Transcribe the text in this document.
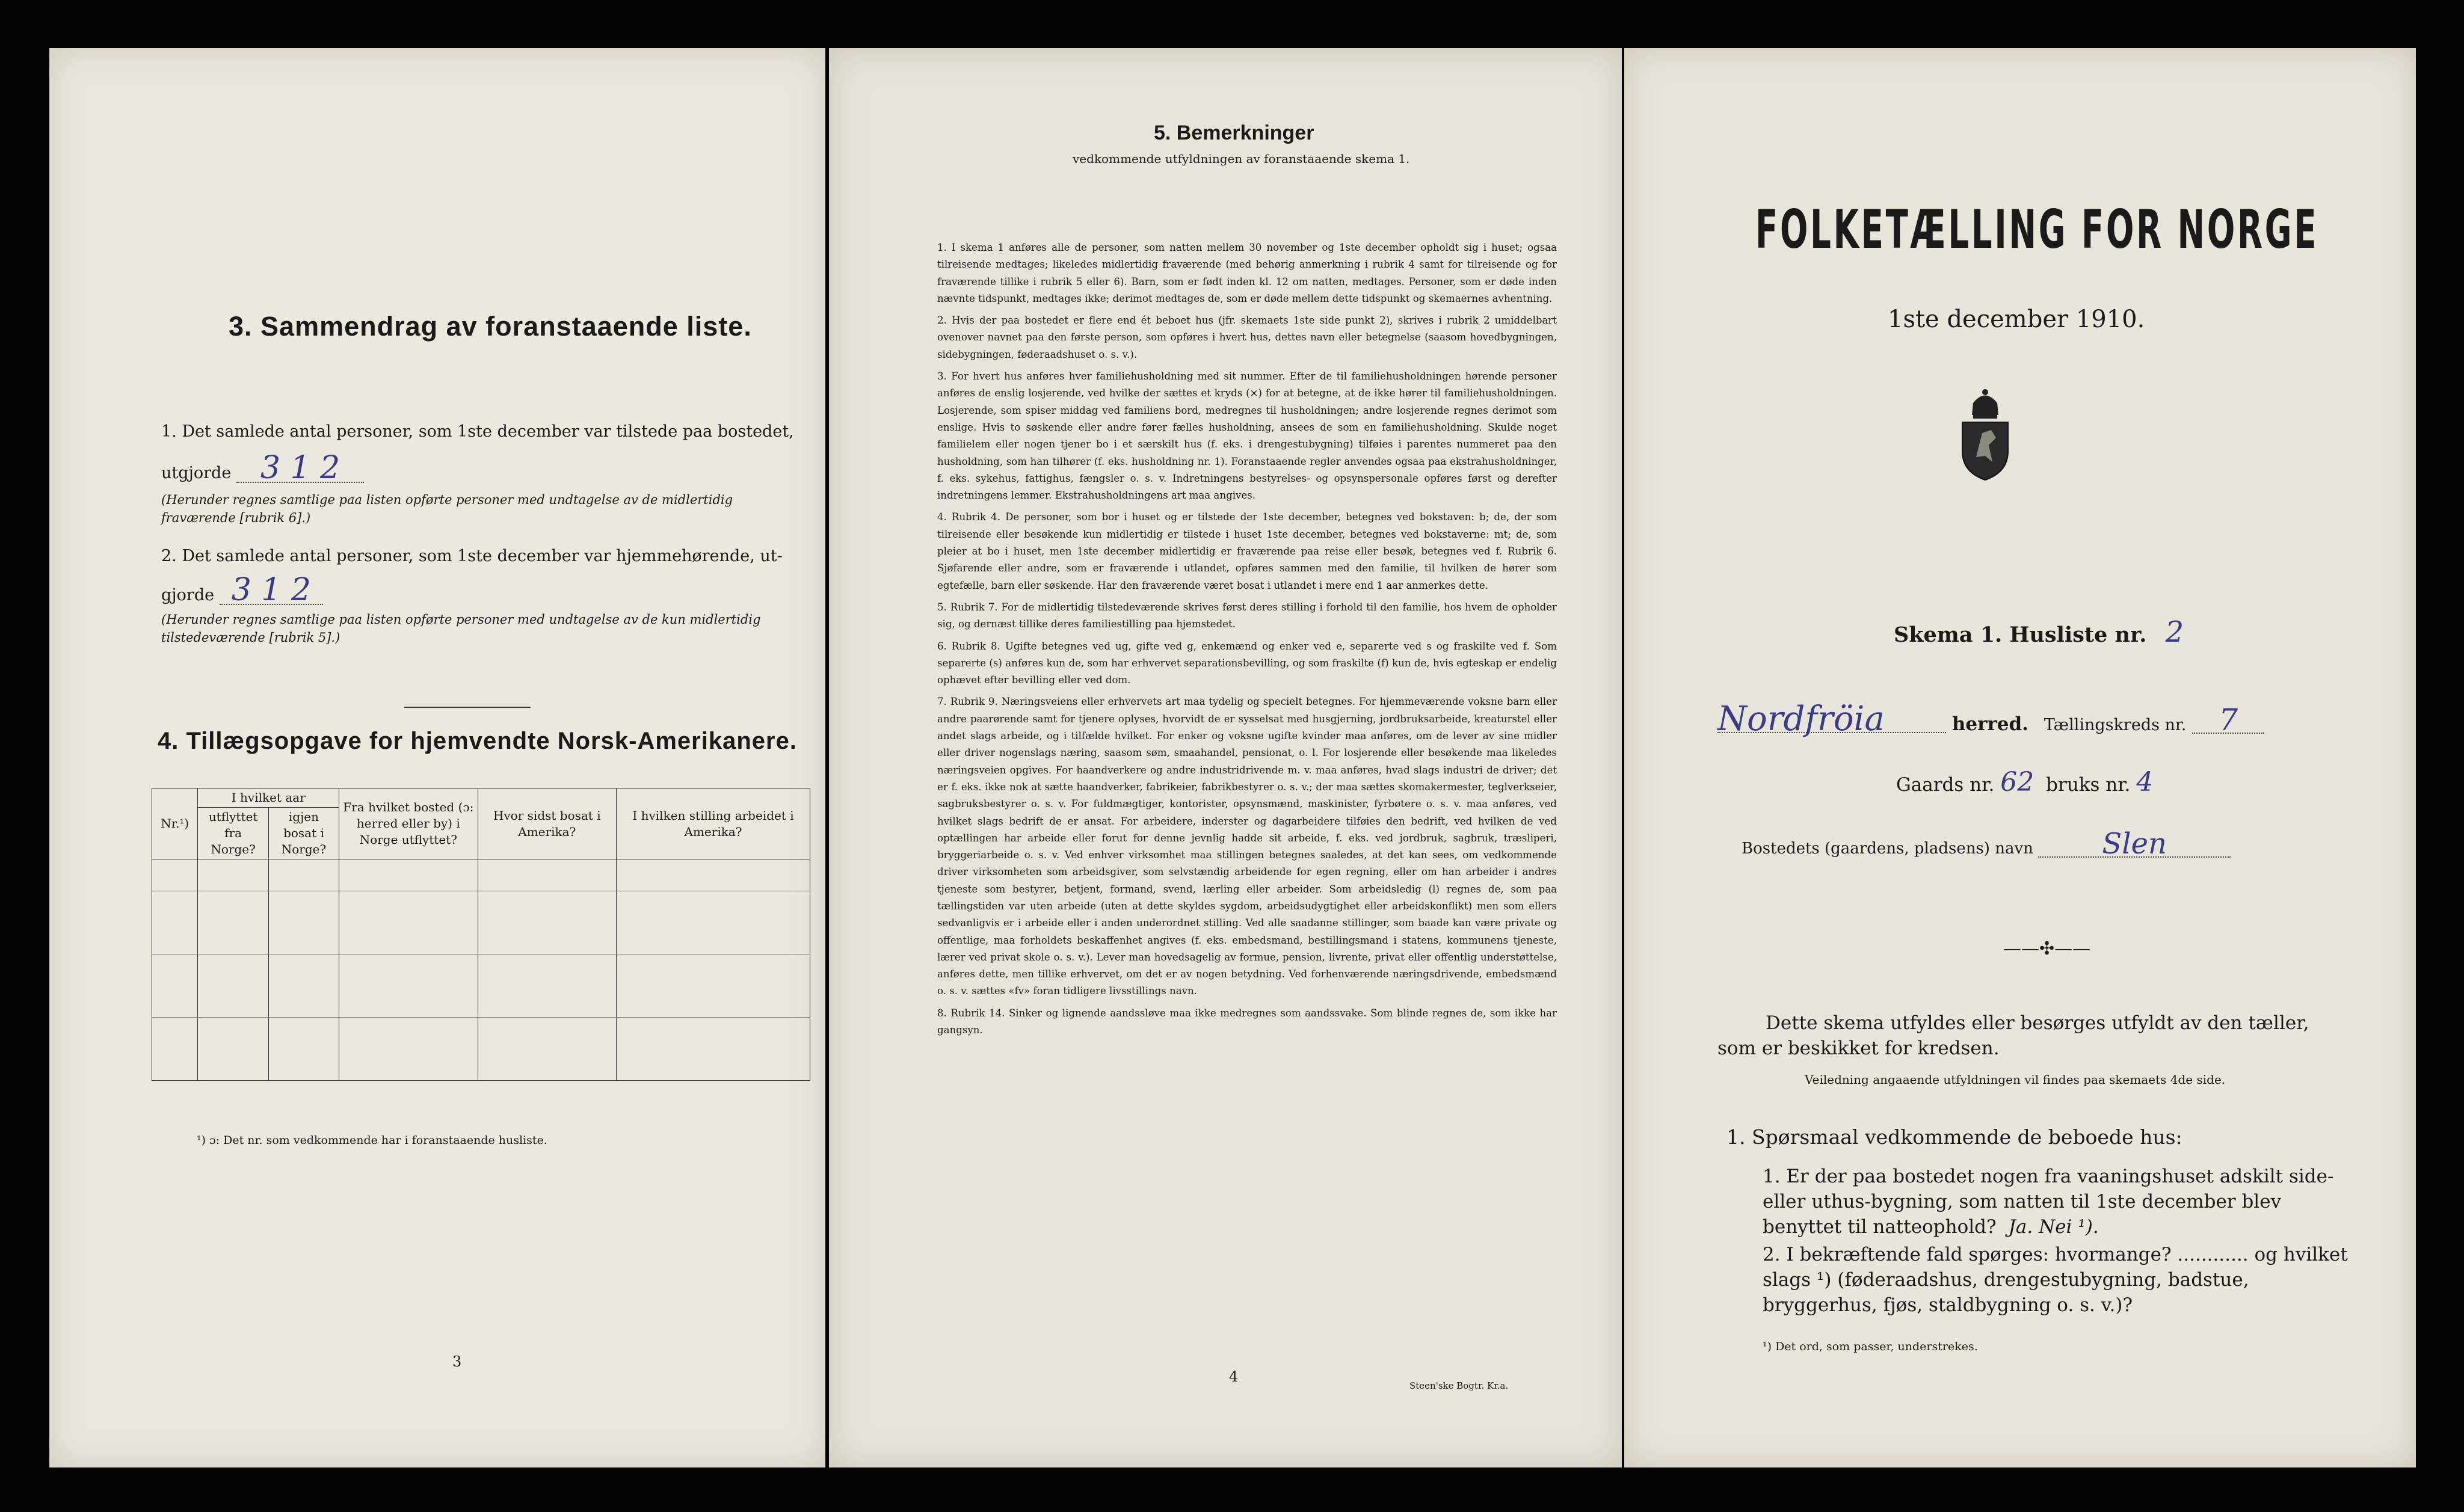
3. Sammendrag av foranstaaende liste.
1. Det samlede antal personer, som 1ste december var tilstede paa bostedet,
utgjorde 3 1 2
(Herunder regnes samtlige paa listen opførte personer med undtagelse av de midlertidig fraværende [rubrik 6].)
2. Det samlede antal personer, som 1ste december var hjemmehørende, ut-
gjorde 3 1 2
(Herunder regnes samtlige paa listen opførte personer med undtagelse av de kun midlertidig tilstedeværende [rubrik 5].)
4. Tillægsopgave for hjemvendte Norsk-Amerikanere.
Nr.¹)	I hvilket aar		Fra hvilket bosted (ɔ: herred eller by) i Norge utflyttet?	Hvor sidst bosat i Amerika?	I hvilken stilling arbeidet i Amerika?
	utflyttet fra Norge?	igjen bosat i Norge?			

¹) ɔ: Det nr. som vedkommende har i foranstaaende husliste.
3
5. Bemerkninger
vedkommende utfyldningen av foranstaaende skema 1.
1. I skema 1 anføres alle de personer, som natten mellem 30 november og 1ste december opholdt sig i huset; ogsaa tilreisende medtages; likeledes midlertidig fraværende (med behørig anmerkning i rubrik 4 samt for tilreisende og for fraværende tillike i rubrik 5 eller 6). Barn, som er født inden kl. 12 om natten, medtages. Personer, som er døde inden nævnte tidspunkt, medtages ikke; derimot medtages de, som er døde mellem dette tidspunkt og skemaernes avhentning.
2. Hvis der paa bostedet er flere end ét beboet hus (jfr. skemaets 1ste side punkt 2), skrives i rubrik 2 umiddelbart ovenover navnet paa den første person, som opføres i hvert hus, dettes navn eller betegnelse (saasom hovedbygningen, sidebygningen, føderaadshuset o. s. v.).
3. For hvert hus anføres hver familiehusholdning med sit nummer. Efter de til familiehusholdningen hørende personer anføres de enslig losjerende, ved hvilke der sættes et kryds (×) for at betegne, at de ikke hører til familiehusholdningen. Losjerende, som spiser middag ved familiens bord, medregnes til husholdningen; andre losjerende regnes derimot som enslige. Hvis to søskende eller andre fører fælles husholdning, ansees de som en familiehusholdning. Skulde noget familielem eller nogen tjener bo i et særskilt hus (f. eks. i drengestubygning) tilføies i parentes nummeret paa den husholdning, som han tilhører (f. eks. husholdning nr. 1). Foranstaaende regler anvendes ogsaa paa ekstrahusholdninger, f. eks. sykehus, fattighus, fængsler o. s. v. Indretningens bestyrelses- og opsynspersonale opføres først og derefter indretningens lemmer. Ekstrahusholdningens art maa angives.
4. Rubrik 4. De personer, som bor i huset og er tilstede der 1ste december, betegnes ved bokstaven: b; de, der som tilreisende eller besøkende kun midlertidig er tilstede i huset 1ste december, betegnes ved bokstaverne: mt; de, som pleier at bo i huset, men 1ste december midlertidig er fraværende paa reise eller besøk, betegnes ved f. Rubrik 6. Sjøfarende eller andre, som er fraværende i utlandet, opføres sammen med den familie, til hvilken de hører som egtefælle, barn eller søskende. Har den fraværende været bosat i utlandet i mere end 1 aar anmerkes dette.
5. Rubrik 7. For de midlertidig tilstedeværende skrives først deres stilling i forhold til den familie, hos hvem de opholder sig, og dernæst tillike deres familiestilling paa hjemstedet.
6. Rubrik 8. Ugifte betegnes ved ug, gifte ved g, enkemænd og enker ved e, separerte ved s og fraskilte ved f. Som separerte (s) anføres kun de, som har erhvervet separationsbevilling, og som fraskilte (f) kun de, hvis egteskap er endelig ophævet efter bevilling eller ved dom.
7. Rubrik 9. Næringsveiens eller erhvervets art maa tydelig og specielt betegnes. For hjemmeværende voksne barn eller andre paarørende samt for tjenere oplyses, hvorvidt de er sysselsat med husgjerning, jordbruksarbeide, kreaturstel eller andet slags arbeide, og i tilfælde hvilket. For enker og voksne ugifte kvinder maa anføres, om de lever av sine midler eller driver nogenslags næring, saasom søm, smaahandel, pensionat, o. l. For losjerende eller besøkende maa likeledes næringsveien opgives. For haandverkere og andre industridrivende m. v. maa anføres, hvad slags industri de driver; det er f. eks. ikke nok at sætte haandverker, fabrikeier, fabrikbestyrer o. s. v.; der maa sættes skomakermester, teglverkseier, sagbruksbestyrer o. s. v. For fuldmægtiger, kontorister, opsynsmænd, maskinister, fyrbøtere o. s. v. maa anføres, ved hvilket slags bedrift de er ansat. For arbeidere, inderster og dagarbeidere tilføies den bedrift, ved hvilken de ved optællingen har arbeide eller forut for denne jevnlig hadde sit arbeide, f. eks. ved jordbruk, sagbruk, træsliperi, bryggeriarbeide o. s. v. Ved enhver virksomhet maa stillingen betegnes saaledes, at det kan sees, om vedkommende driver virksomheten som arbeidsgiver, som selvstændig arbeidende for egen regning, eller om han arbeider i andres tjeneste som bestyrer, betjent, formand, svend, lærling eller arbeider. Som arbeidsledig (l) regnes de, som paa tællingstiden var uten arbeide (uten at dette skyldes sygdom, arbeidsudygtighet eller arbeidskonflikt) men som ellers sedvanligvis er i arbeide eller i anden underordnet stilling. Ved alle saadanne stillinger, som baade kan være private og offentlige, maa forholdets beskaffenhet angives (f. eks. embedsmand, bestillingsmand i statens, kommunens tjeneste, lærer ved privat skole o. s. v.). Lever man hovedsagelig av formue, pension, livrente, privat eller offentlig understøttelse, anføres dette, men tillike erhvervet, om det er av nogen betydning. Ved forhenværende næringsdrivende, embedsmænd o. s. v. sættes «fv» foran tidligere livsstillings navn.
8. Rubrik 14. Sinker og lignende aandssløve maa ikke medregnes som aandssvake. Som blinde regnes de, som ikke har gangsyn.
4
Steen'ske Bogtr. Kr.a.
FOLKETÆLLING FOR NORGE
1ste december 1910.
Skema 1. Husliste nr. 2
Nordfröia	herred. Tællingskreds nr. 7
Gaards nr. 62 bruks nr. 4
Bostedets (gaardens, pladsens) navn Slen
——✣——
Dette skema utfyldes eller besørges utfyldt av den tæller, som er beskikket for kredsen.
Veiledning angaaende utfyldningen vil findes paa skemaets 4de side.
1. Spørsmaal vedkommende de beboede hus:
1. Er der paa bostedet nogen fra vaaningshuset adskilt side- eller uthus-bygning, som natten til 1ste december blev benyttet til natteophold? Ja. Nei ¹).
2. I bekræftende fald spørges: hvormange? ............ og hvilket slags ¹) (føderaadshus, drengestubygning, badstue, bryggerhus, fjøs, staldbygning o. s. v.)?
¹) Det ord, som passer, understrekes.
